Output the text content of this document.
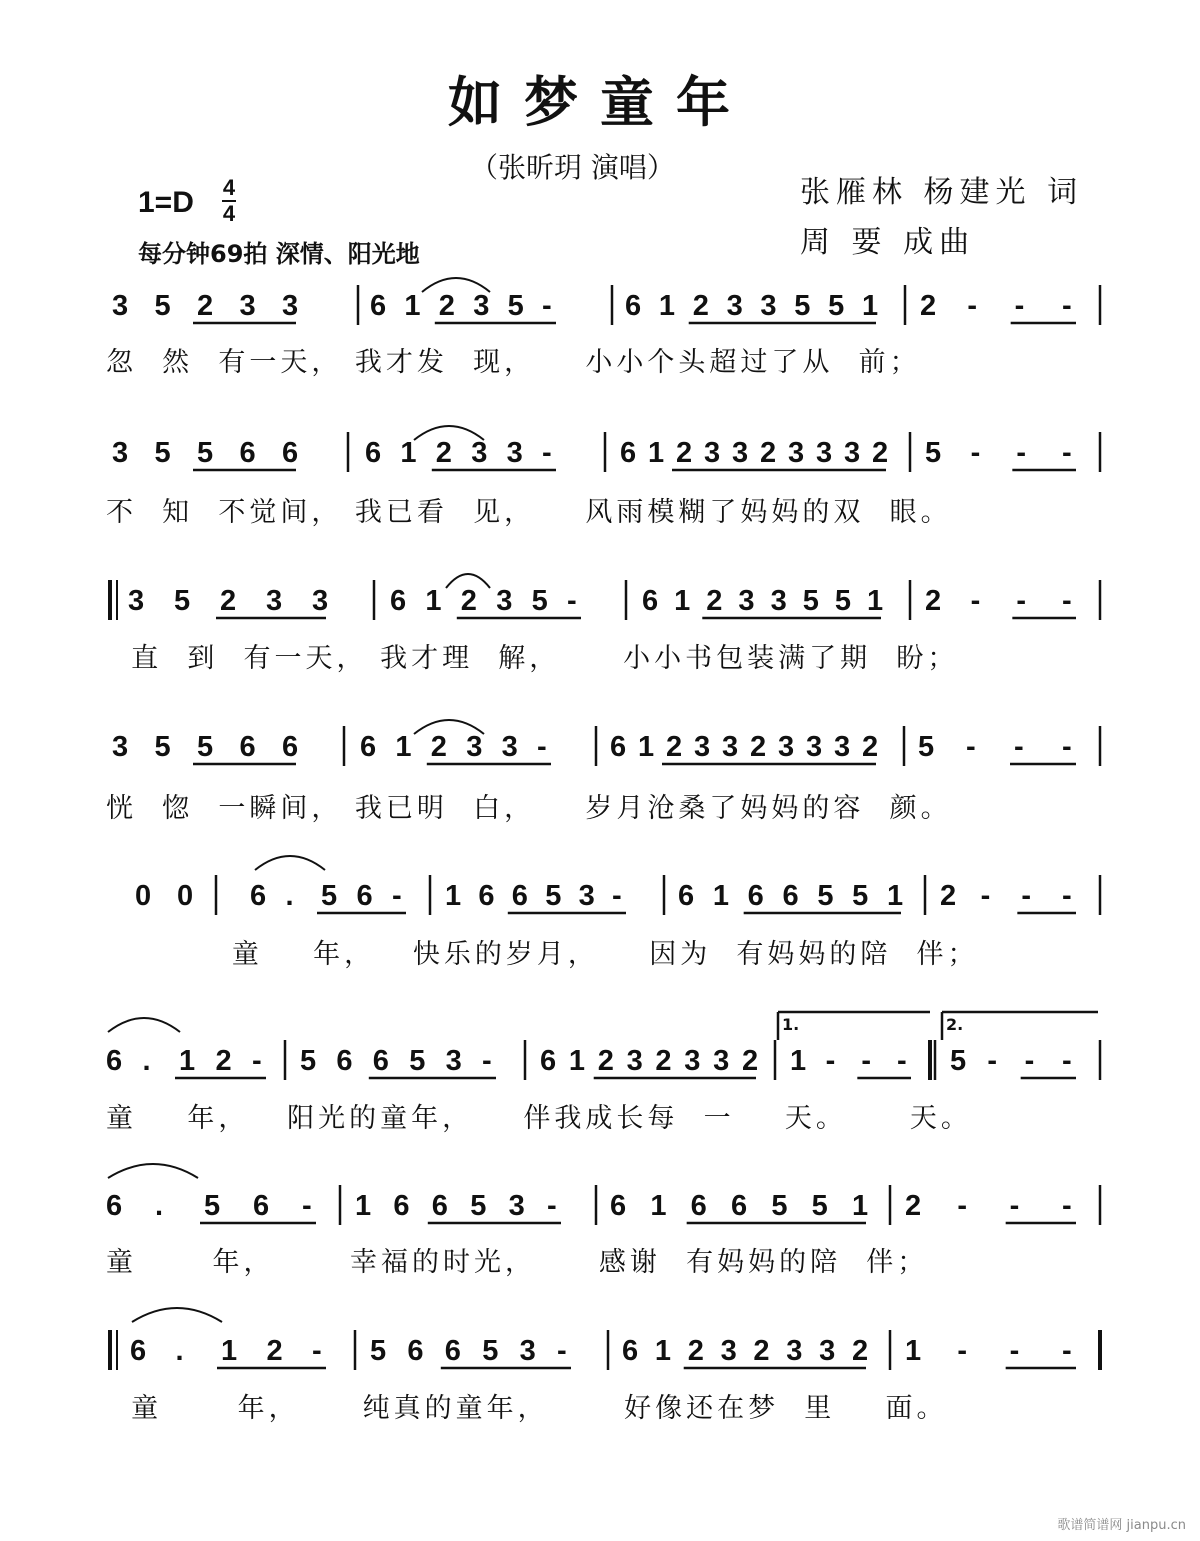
如梦童年
（张昕玥 演唱）
张雁林 杨建光 词
周 要 成曲
1=D 4
4
每分钟69拍 深情、阳光地
3 5 2 3 3 6 1 2 3 5 -	6 1 2 3 3 5 5 1 2 - - -
3 5 5 6 6 6 1 2 3 3 - 6 1 2 3 3 2 3 3 3 2 5 - - -
3 5 2 3 3 6 1 2 3 5 - 6 1 2 3 3 5 5 1 2 - - -
3 5 5 6 6 6 1 2 3 3 - 6 1 2 3 3 2 3 3 3 2 5 - - -
0 0 6 . 5 6 - 1 6 6 5 3 - 6 1 6 6 5 5 1 2 - - -
6 . 1 2 - 5 6 6 5 3 - 6 1 2 3 2 3 3 2 1 - - - 5 - - -
6 . 5 6 - 1 6 6 5 3 - 6 1 6 6 5 5 1 2 - - -
6 . 1 2 - 5 6 6 5 3 - 6 1 2 3 2 3 3 2 1 - - -
1.	2.
忽  然  有一天， 我才发  现，    小小个头超过了从  前；
不  知  不觉间， 我已看  见，    风雨模糊了妈妈的双  眼。
直  到  有一天， 我才理  解，     小小书包装满了期  盼；
恍  惚  一瞬间， 我已明  白，    岁月沧桑了妈妈的容  颜。
童    年，   快乐的岁月，    因为  有妈妈的陪  伴；
童    年，   阳光的童年，    伴我成长每  一    天。     天。
童      年，      幸福的时光，     感谢  有妈妈的陪  伴；
童      年，     纯真的童年，      好像还在梦  里    面。
歌谱简谱网 jianpu.cn
